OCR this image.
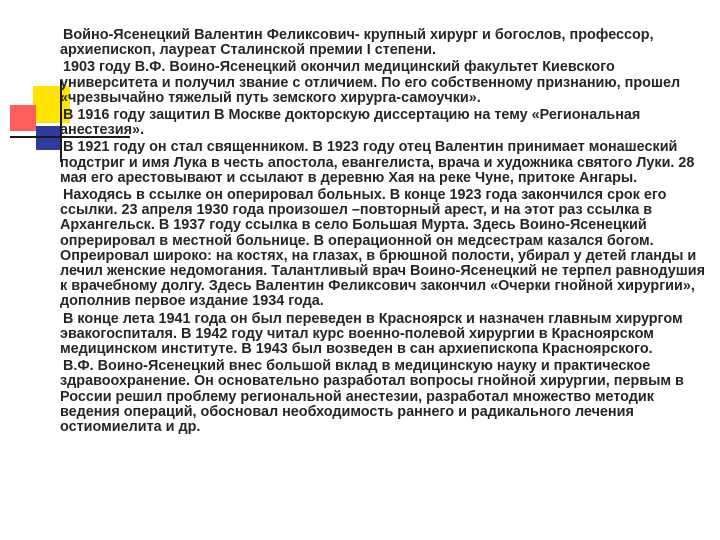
Войно-Ясенецкий Валентин Феликсович- крупный хирург и богослов, профессор, архиепископ, лауреат Сталинской премии I степени.

1903 году В.Ф. Воино-Ясенецкий окончил медицинский факультет Киевского университета и получил звание с отличием. По его собственному признанию, прошел «чрезвычайно тяжелый путь земского хирурга-самоучки».

В 1916 году защитил В Москве докторскую диссертацию на тему «Региональная анестезия».

В 1921 году он стал священником. В 1923 году отец Валентин принимает монашеский подстриг и имя Лука в честь апостола, евангелиста, врача и художника святого Луки. 28 мая его арестовывают и ссылают в деревню Хая на реке Чуне, притоке Ангары.

Находясь в ссылке он оперировал больных. В конце 1923 года закончился срок его ссылки. 23 апреля 1930 года произошел –повторный арест, и на этот раз ссылка в Архангельск. В 1937 году ссылка в село Большая Мурта. Здесь Воино-Ясенецкий опрерировал в местной больнице. В операционной он медсестрам казался богом. Опреировал широко: на костях, на глазах, в брюшной полости, убирал у детей гланды и лечил женские недомогания. Талантливый врач Воино-Ясенецкий не терпел равнодушия к врачебному долгу. Здесь Валентин Феликсович закончил «Очерки гнойной хирургии», дополнив первое издание 1934 года.

В конце лета 1941 года он был переведен в Красноярск и назначен главным хирургом эвакогоспиталя. В 1942 году читал курс военно-полевой хирургии в Красноярском медицинском институте. В 1943 был возведен в сан архиепископа Красноярского.

В.Ф. Воино-Ясенецкий внес большой вклад в медицинскую науку и практическое здравоохранение. Он основательно разработал вопросы гнойной хирургии, первым в России решил проблему региональной анестезии, разработал множество методик ведения операций, обосновал необходимость раннего и радикального лечения остиомиелита и др.
